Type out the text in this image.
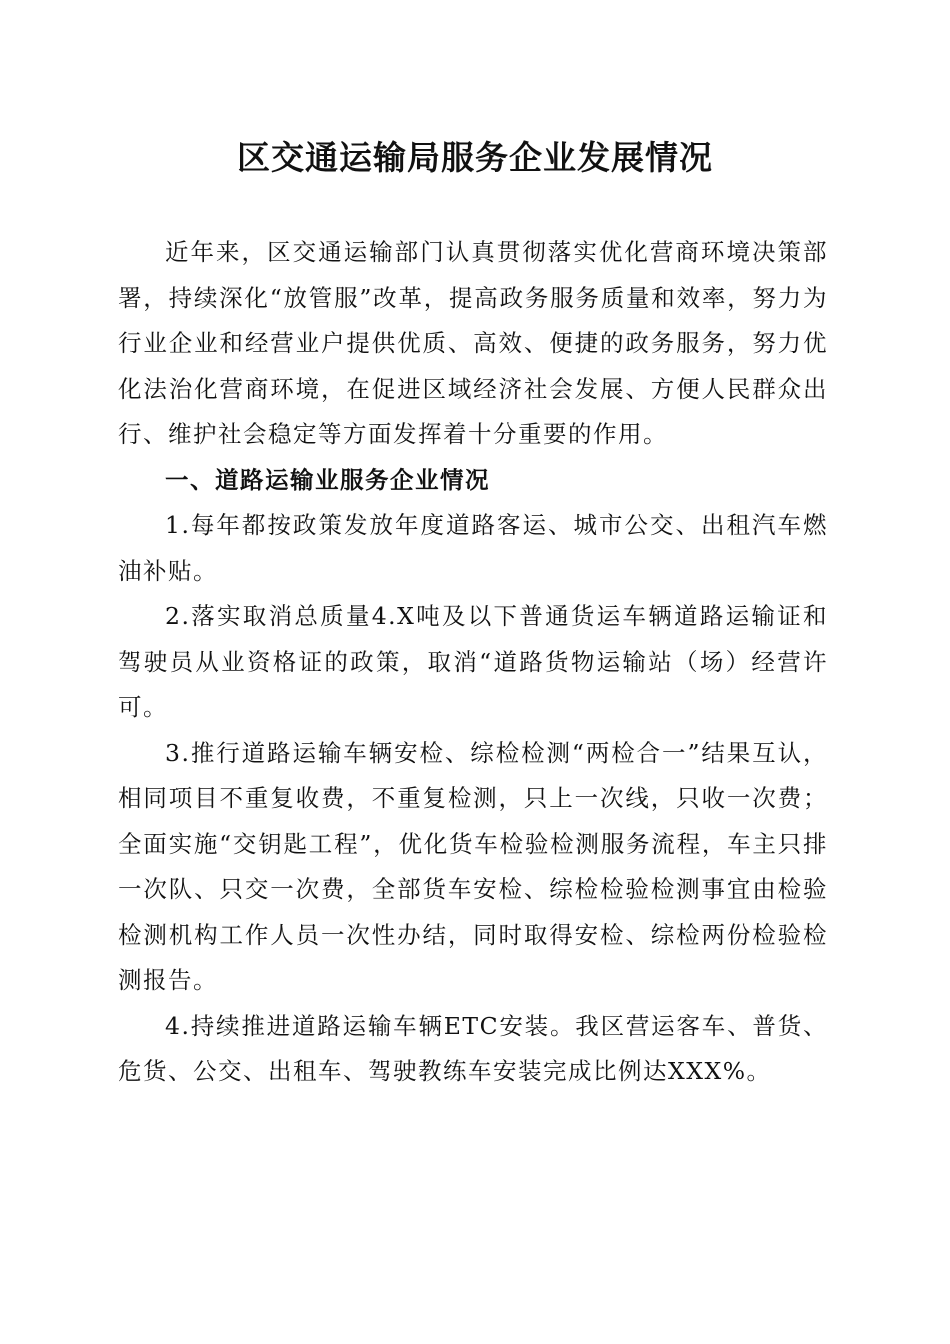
区交通运输局服务企业发展情况

近年来，区交通运输部门认真贯彻落实优化营商环境决策部署，持续深化“放管服”改革，提高政务服务质量和效率，努力为行业企业和经营业户提供优质、高效、便捷的政务服务，努力优化法治化营商环境，在促进区域经济社会发展、方便人民群众出行、维护社会稳定等方面发挥着十分重要的作用。

一、道路运输业服务企业情况

1.每年都按政策发放年度道路客运、城市公交、出租汽车燃油补贴。

2.落实取消总质量4.X吨及以下普通货运车辆道路运输证和驾驶员从业资格证的政策，取消“道路货物运输站（场）经营许可。

3.推行道路运输车辆安检、综检检测“两检合一”结果互认，相同项目不重复收费，不重复检测，只上一次线，只收一次费；全面实施“交钥匙工程”，优化货车检验检测服务流程，车主只排一次队、只交一次费，全部货车安检、综检检验检测事宜由检验检测机构工作人员一次性办结，同时取得安检、综检两份检验检测报告。

4.持续推进道路运输车辆ETC安装。我区营运客车、普货、危货、公交、出租车、驾驶教练车安装完成比例达XXX%。
